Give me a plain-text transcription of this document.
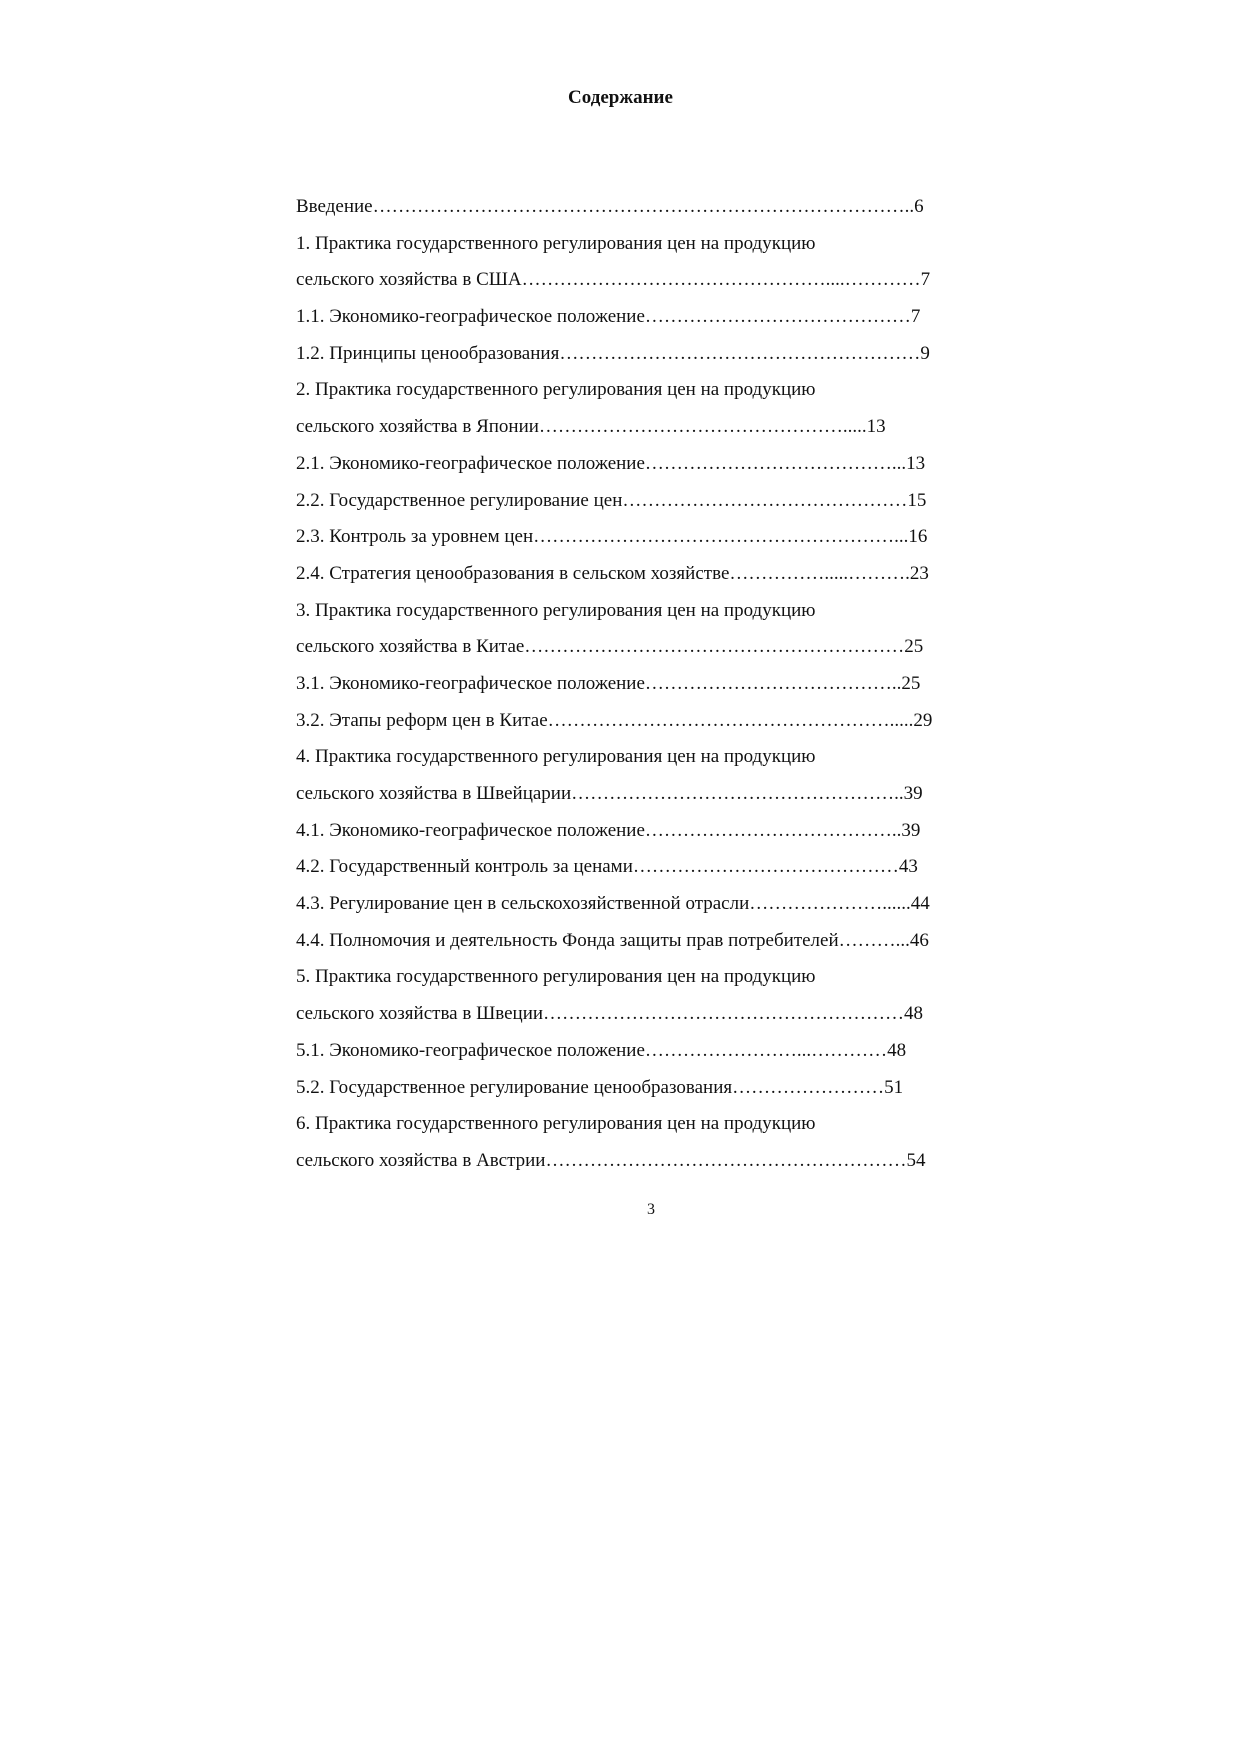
Содержание
Введение…………………………………………………………………………..6
1. Практика государственного регулирования цен на продукцию
сельского хозяйства в США…………………………………………....…………7
1.1. Экономико-географическое положение……………………………………7
1.2. Принципы ценообразования…………………………………………………9
2. Практика государственного регулирования цен на продукцию
сельского хозяйства в Японии………………………………………….....13
2.1. Экономико-географическое положение…………………………………...13
2.2. Государственное регулирование цен………………………………………15
2.3. Контроль за уровнем цен…………………………………………………...16
2.4. Стратегия ценообразования в сельском хозяйстве…………….....……….23
3. Практика государственного регулирования цен на продукцию
сельского хозяйства в Китае……………………………………………………25
3.1. Экономико-географическое положение…………………………………..25
3.2. Этапы реформ цен в Китае……………………………………………….....29
4. Практика государственного регулирования цен на продукцию
сельского хозяйства в Швейцарии……………………………………………..39
4.1. Экономико-географическое положение…………………………………..39
4.2. Государственный контроль за ценами……………………………………43
4.3. Регулирование цен в сельскохозяйственной отрасли…………………......44
4.4. Полномочия и деятельность Фонда защиты прав потребителей………...46
5. Практика государственного регулирования цен на продукцию
сельского хозяйства в Швеции…………………………………………………48
5.1. Экономико-географическое положение……………………...…………48
5.2. Государственное регулирование ценообразования……………………51
6. Практика государственного регулирования цен на продукцию
сельского хозяйства в Австрии…………………………………………………54
3
